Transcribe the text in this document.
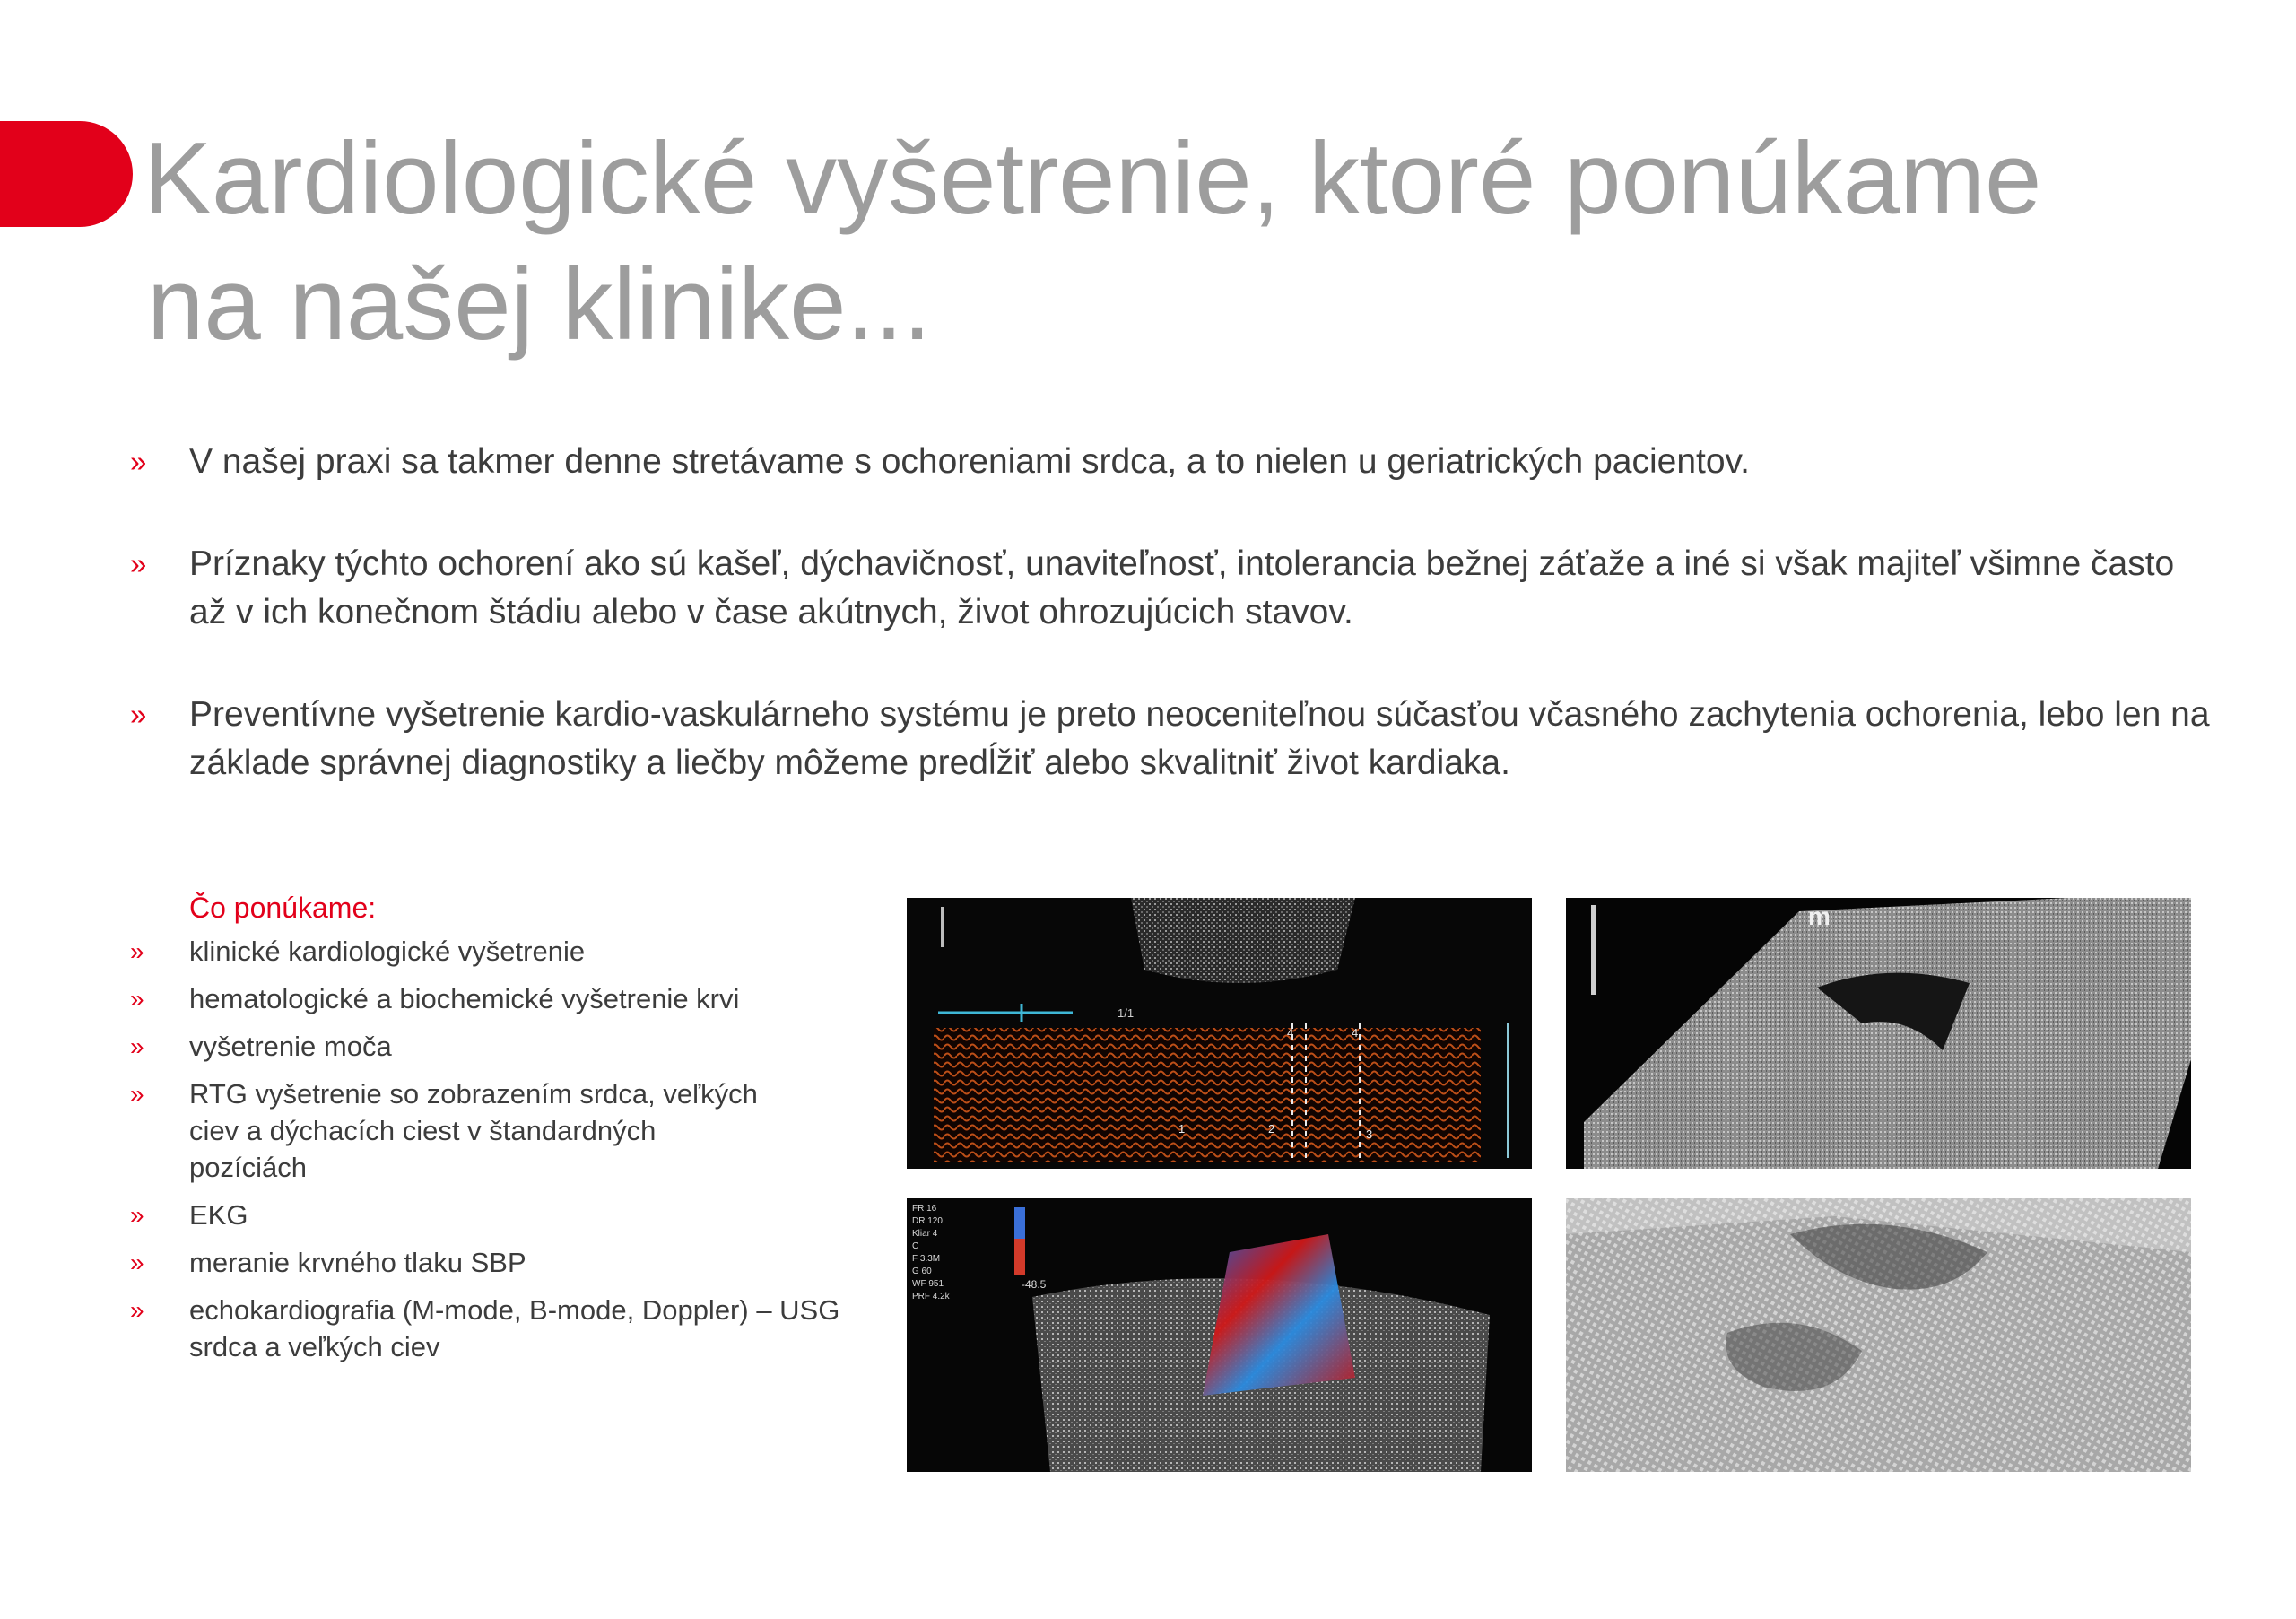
Kardiologické vyšetrenie, ktoré ponúkame
na našej klinike...
» V našej praxi sa takmer denne stretávame s ochoreniami srdca, a to nielen u geriatrických pacientov.
» Príznaky týchto ochorení ako sú kašeľ, dýchavičnosť, unaviteľnosť, intolerancia bežnej záťaže a iné si však majiteľ všimne často až v ich konečnom štádiu alebo v čase akútnych, život ohrozujúcich stavov.
» Preventívne vyšetrenie kardio-vaskulárneho systému je preto neoceniteľnou súčasťou včasného zachytenia ochorenia, lebo len na základe správnej diagnostiky a liečby môžeme predĺžiť alebo skvalitniť život kardiaka.
Čo ponúkame:
» klinické kardiologické vyšetrenie
» hematologické a biochemické vyšetrenie krvi
» vyšetrenie moča
» RTG vyšetrenie so zobrazením srdca, veľkých ciev a dýchacích ciest v štandardných pozíciách
» EKG
» meranie krvného tlaku SBP
» echokardiografia (M-mode, B-mode, Doppler) – USG srdca a veľkých ciev
1/1
4	4
1	2	3
m
-48.5
FR 16
DR 120
Kliar 4
C
F 3.3M
G 60
WF 951
PRF 4.2k
